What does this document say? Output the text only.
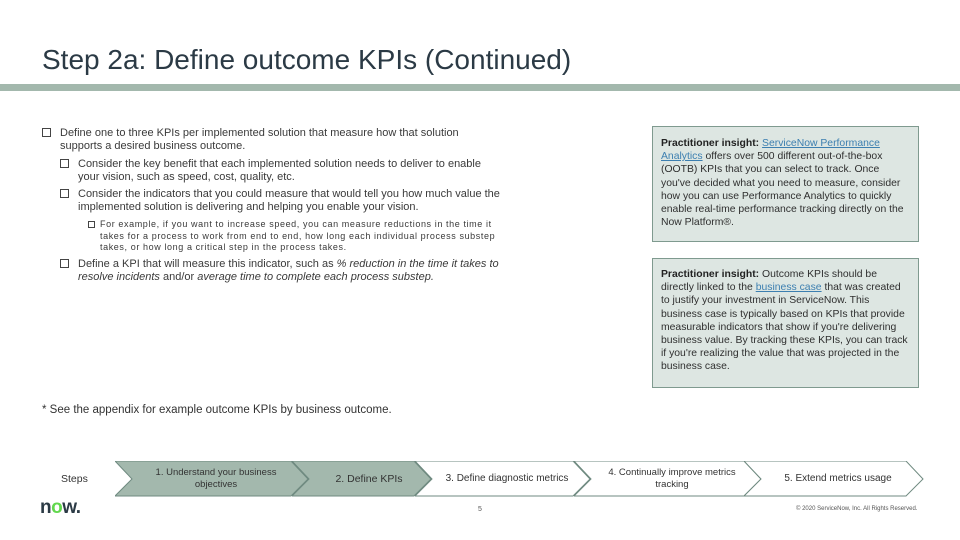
Step 2a: Define outcome KPIs (Continued)
Define one to three KPIs per implemented solution that measure how that solution supports a desired business outcome.
Consider the key benefit that each implemented solution needs to deliver to enable your vision, such as speed, cost, quality, etc.
Consider the indicators that you could measure that would tell you how much value the implemented solution is delivering and helping you enable your vision.
For example, if you want to increase speed, you can measure reductions in the time it takes for a process to work from end to end, how long each individual process substep takes, or how long a critical step in the process takes.
Define a KPI that will measure this indicator, such as % reduction in the time it takes to resolve incidents and/or average time to complete each process substep.
Practitioner insight: ServiceNow Performance Analytics offers over 500 different out-of-the-box (OOTB) KPIs that you can select to track. Once you've decided what you need to measure, consider how you can use Performance Analytics to quickly enable real-time performance tracking directly on the Now Platform®.
Practitioner insight: Outcome KPIs should be directly linked to the business case that was created to justify your investment in ServiceNow. This business case is typically based on KPIs that provide measurable indicators that show if you're delivering business value. By tracking these KPIs, you can track if you're realizing the value that was projected in the business case.
* See the appendix for example outcome KPIs by business outcome.
Steps
1. Understand your business objectives	2. Define KPIs	3. Define diagnostic metrics
4. Continually improve metrics tracking
5. Extend metrics usage
now.	5	© 2020 ServiceNow, Inc. All Rights Reserved.
